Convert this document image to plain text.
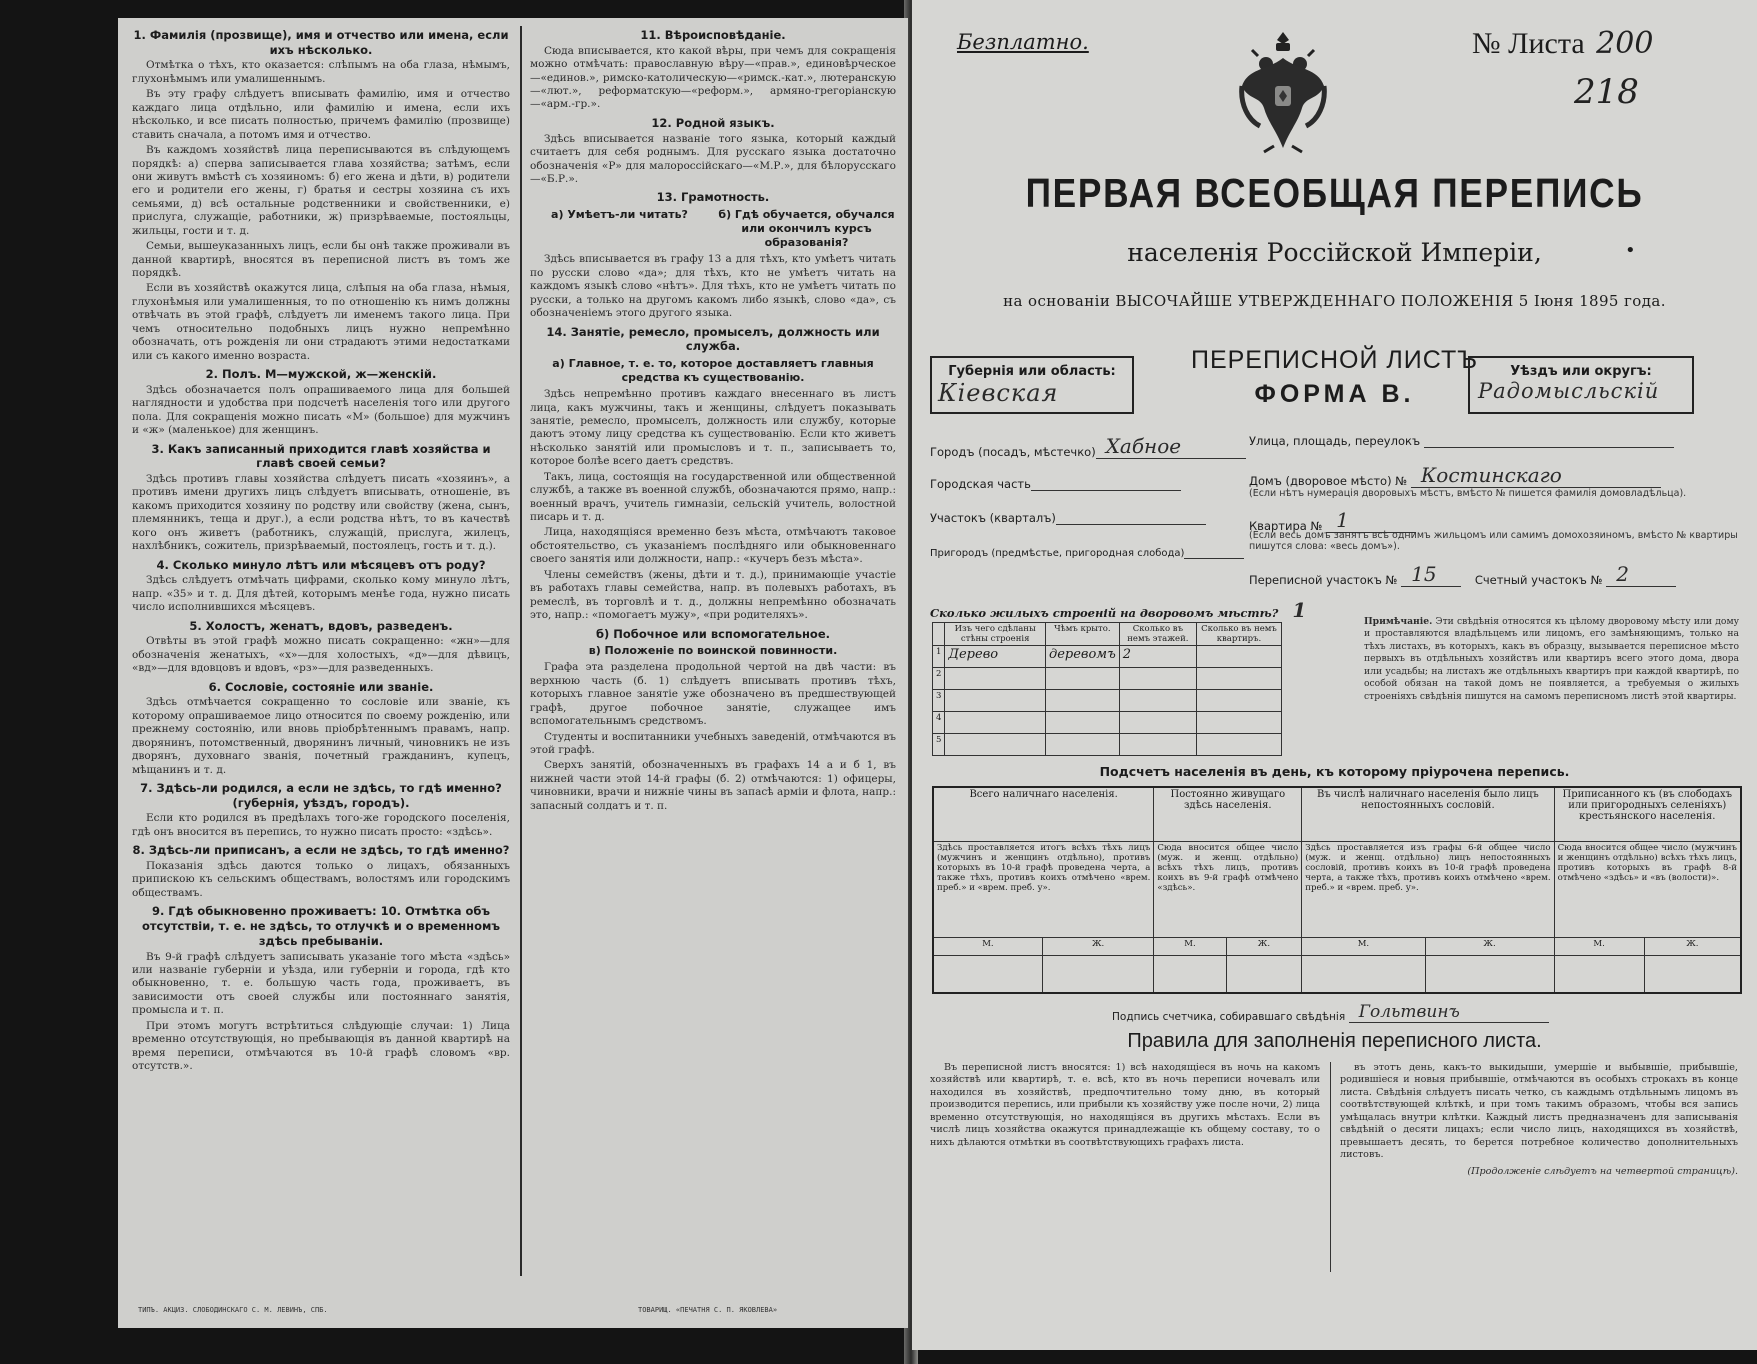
1. Фамилія (прозвище), имя и отчество или имена, если ихъ нѣсколько.

Отмѣтка о тѣхъ, кто оказается: слѣпымъ на оба глаза, нѣмымъ, глухонѣмымъ или умалишеннымъ.

Въ эту графу слѣдуетъ вписывать фамилію, имя и отчество каждаго лица отдѣльно, или фамилію и имена, если ихъ нѣсколько, и все писать полностью, причемъ фамилію (прозвище) ставить сначала, а потомъ имя и отчество.

Въ каждомъ хозяйствѣ лица переписываются въ слѣдующемъ порядкѣ: а) сперва записывается глава хозяйства; затѣмъ, если они живутъ вмѣстѣ съ хозяиномъ: б) его жена и дѣти, в) родители его и родители его жены, г) братья и сестры хозяина съ ихъ семьями, д) всѣ остальные родственники и свойственники, е) прислуга, служащіе, работники, ж) призрѣваемые, постояльцы, жильцы, гости и т. д.

Семьи, вышеуказанныхъ лицъ, если бы онѣ также проживали въ данной квартирѣ, вносятся въ переписной листъ въ томъ же порядкѣ.

Если въ хозяйствѣ окажутся лица, слѣпыя на оба глаза, нѣмыя, глухонѣмыя или умалишенныя, то по отношенію къ нимъ должны отвѣчать въ этой графѣ, слѣдуетъ ли именемъ такого лица. При чемъ относительно подобныхъ лицъ нужно непремѣнно обозначать, отъ рожденія ли они страдаютъ этими недостатками или съ какого именно возраста.

2. Полъ. М—мужской, ж—женскій.

Здѣсь обозначается полъ опрашиваемого лица для большей наглядности и удобства при подсчетѣ населенія того или другого пола. Для сокращенія можно писать «М» (большое) для мужчинъ и «ж» (маленькое) для женщинъ.

3. Какъ записанный приходится главѣ хозяйства и главѣ своей семьи?

Здѣсь противъ главы хозяйства слѣдуетъ писать «хозяинъ», а противъ имени другихъ лицъ слѣдуетъ вписывать, отношеніе, въ какомъ приходится хозяину по родству или свойству (жена, сынъ, племянникъ, теща и друг.), а если родства нѣтъ, то въ качествѣ кого онъ живетъ (работникъ, служащій, прислуга, жилецъ, нахлѣбникъ, сожитель, призрѣваемый, постоялецъ, гость и т. д.).

4. Сколько минуло лѣтъ или мѣсяцевъ отъ роду?

Здѣсь слѣдуетъ отмѣчать цифрами, сколько кому минуло лѣтъ, напр. «35» и т. д. Для дѣтей, которымъ менѣе года, нужно писать число исполнившихся мѣсяцевъ.

5. Холостъ, женатъ, вдовъ, разведенъ.

Отвѣты въ этой графѣ можно писать сокращенно: «жн»—для обозначенія женатыхъ, «х»—для холостыхъ, «д»—для дѣвицъ, «вд»—для вдовцовъ и вдовъ, «рз»—для разведенныхъ.

6. Сословіе, состояніе или званіе.

Здѣсь отмѣчается сокращенно то сословіе или званіе, къ которому опрашиваемое лицо относится по своему рожденію, или прежнему состоянію, или вновь пріобрѣтеннымъ правамъ, напр. дворянинъ, потомственный, дворянинъ личный, чиновникъ не изъ дворянъ, духовнаго званія, почетный гражданинъ, купецъ, мѣщанинъ и т. д.

7. Здѣсь-ли родился, а если не здѣсь, то гдѣ именно? (губернія, уѣздъ, городъ).

Если кто родился въ предѣлахъ того-же городского поселенія, гдѣ онъ вносится въ перепись, то нужно писать просто: «здѣсь».

8. Здѣсь-ли приписанъ, а если не здѣсь, то гдѣ именно?

Показанія здѣсь даются только о лицахъ, обязанныхъ припискою къ сельскимъ обществамъ, волостямъ или городскимъ обществамъ.

9. Гдѣ обыкновенно проживаетъ: 10. Отмѣтка объ отсутствіи, т. е. не здѣсь, то отлучкѣ и о временномъ здѣсь пребываніи.

Въ 9-й графѣ слѣдуетъ записывать указаніе того мѣста «здѣсь» или названіе губерніи и уѣзда, или губерніи и города, гдѣ кто обыкновенно, т. е. большую часть года, проживаетъ, въ зависимости отъ своей службы или постояннаго занятія, промысла и т. п.

При этомъ могутъ встрѣтиться слѣдующіе случаи: 1) Лица временно отсутствующія, но пребывающія въ данной квартирѣ на время переписи, отмѣчаются въ 10-й графѣ словомъ «вр. отсутств.».

11. Вѣроисповѣданіе.

Сюда вписывается, кто какой вѣры, при чемъ для сокращенія можно отмѣчать: православную вѣру—«прав.», единовѣрческое—«единов.», римско-католическую—«римск.-кат.», лютеранскую—«лют.», реформатскую—«реформ.», армяно-грегоріанскую—«арм.-гр.».

12. Родной языкъ.

Здѣсь вписывается названіе того языка, который каждый считаетъ для себя роднымъ. Для русскаго языка достаточно обозначенія «Р» для малороссійскаго—«М.Р.», для бѣлорусскаго—«Б.Р.».

13. Грамотность.
а) Умѣетъ-ли читать?	б) Гдѣ обучается, обучался или окончилъ курсъ образованія?

Здѣсь вписывается въ графу 13 а для тѣхъ, кто умѣетъ читать по русски слово «да»; для тѣхъ, кто не умѣетъ читать на каждомъ языкѣ слово «нѣтъ». Для тѣхъ, кто не умѣетъ читать по русски, а только на другомъ какомъ либо языкѣ, слово «да», съ обозначеніемъ этого другого языка.

14. Занятіе, ремесло, промыселъ, должность или служба.
а) Главное, т. е. то, которое доставляетъ главныя средства къ существованію.

Здѣсь непремѣнно противъ каждаго внесеннаго въ листъ лица, какъ мужчины, такъ и женщины, слѣдуетъ показывать занятіе, ремесло, промыселъ, должность или службу, которые даютъ этому лицу средства къ существованію. Если кто живетъ нѣсколько занятій или промысловъ и т. п., записываетъ то, которое болѣе всего даетъ средствъ.

Такъ, лица, состоящія на государственной или общественной службѣ, а также въ военной службѣ, обозначаются прямо, напр.: военный врачъ, учитель гимназіи, сельскій учитель, волостной писарь и т. д.

Лица, находящіяся временно безъ мѣста, отмѣчаютъ таковое обстоятельство, съ указаніемъ послѣдняго или обыкновеннаго своего занятія или должности, напр.: «кучеръ безъ мѣста».

Члены семействъ (жены, дѣти и т. д.), принимающіе участіе въ работахъ главы семейства, напр. въ полевыхъ работахъ, въ ремеслѣ, въ торговлѣ и т. д., должны непремѣнно обозначать это, напр.: «помогаетъ мужу», «при родителяхъ».

б) Побочное или вспомогательное.
в) Положеніе по воинской повинности.

Графа эта разделена продольной чертой на двѣ части: въ верхнюю часть (б. 1) слѣдуетъ вписывать противъ тѣхъ, которыхъ главное занятіе уже обозначено въ предшествующей графѣ, другое побочное занятіе, служащее имъ вспомогательнымъ средствомъ.

Студенты и воспитанники учебныхъ заведеній, отмѣчаются въ этой графѣ.

Сверхъ занятій, обозначенныхъ въ графахъ 14 а и б 1, въ нижней части этой 14-й графы (б. 2) отмѣчаются: 1) офицеры, чиновники, врачи и нижніе чины въ запасѣ арміи и флота, напр.: запасный солдатъ и т. п.

ТИПЪ. АКЦИЗ. СЛОБОДИНСКАГО С. М. ЛЕВИНЪ, СПБ.	ТОВАРИЩ. «ПЕЧАТНЯ С. П. ЯКОВЛЕВА»
Безплатно.	№ Листа 200
218
ПЕРВАЯ ВСЕОБЩАЯ ПЕРЕПИСЬ
населенія Россійской Имперіи,	•
на основаніи ВЫСОЧАЙШЕ УТВЕРЖДЕННАГО ПОЛОЖЕНІЯ 5 Іюня 1895 года.
Губернія или область:
Кіевская
ПЕРЕПИСНОЙ ЛИСТЪ
ФОРМА В.
Уѣздъ или округъ:
Радомысльскій
Городъ (посадъ, мѣстечко) Хабное
Городская часть
Участокъ (кварталъ)
Пригородъ (предмѣстье, пригородная слобода)
Улица, площадь, переулокъ
Домъ (дворовое мѣсто) № Костинскаго
(Если нѣтъ нумерація дворовыхъ мѣстъ, вмѣсто № пишется фамилія домовладѣльца).
Квартира № 1
(Если весь домъ занятъ всѣ однимъ жильцомъ или самимъ домохозяиномъ, вмѣсто № квартиры пишутся слова: «весь домъ»).
Переписной участокъ № 15	Счетный участокъ № 2
Сколько жилыхъ строеній на дворовомъ мѣстѣ? 1
	Изъ чего сдѣланы стѣны строенія	Чѣмъ крыто.	Сколько въ немъ этажей.	Сколько въ немъ квартиръ.
1	Дерево	деревомъ	2	
2				
3				
4				
5				
Примѣчаніе. Эти свѣдѣнія относятся къ цѣлому дворовому мѣсту или дому и проставляются владѣльцемъ или лицомъ, его замѣняющимъ, только на тѣхъ листахъ, въ которыхъ, какъ въ образцу, вызывается переписное мѣсто первыхъ въ отдѣльныхъ хозяйствъ или квартиръ всего этого дома, двора или усадьбы; на листахъ же отдѣльныхъ квартиръ при каждой квартирѣ, по особой обязан на такой домъ не появляется, а требуемыя о жилыхъ строеніяхъ свѣдѣнія пишутся на самомъ переписномъ листѣ этой квартиры.
Подсчетъ населенія въ день, къ которому пріурочена перепись.
Всего наличнаго населенія.		Постоянно живущаго здѣсь населенія.		Въ числѣ наличнаго населенія было лицъ непостоянныхъ сословій.		Приписанного къ (въ слободахъ или пригородныхъ селеніяхъ) крестьянского населенія.	
Здѣсь проставляется итогъ всѣхъ тѣхъ лицъ (мужчинъ и женщинъ отдѣльно), противъ которыхъ въ 10-й графѣ проведена черта, а также тѣхъ, противъ коихъ отмѣчено «врем. преб.» и «врем. преб. у».		Сюда вносится общее число (муж. и женщ. отдѣльно) всѣхъ тѣхъ лицъ, противъ коихъ въ 9-й графѣ отмѣчено «здѣсь».		Здѣсь проставляется изъ графы 6-й общее число (муж. и женщ. отдѣльно) лицъ непостоянныхъ сословій, противъ коихъ въ 10-й графѣ проведена черта, а также тѣхъ, противъ коихъ отмѣчено «врем. преб.» и «врем. преб. у».		Сюда вносится общее число (мужчинъ и женщинъ отдѣльно) всѣхъ тѣхъ лицъ, противъ которыхъ въ графѣ 8-й отмѣчено «здѣсь» и «въ (волости)».	
М.	Ж.	М.	Ж.	М.	Ж.	М.	Ж.

Подпись счетчика, собиравшаго свѣдѣнія Гольтвинъ
Правила для заполненія переписного листа.

Въ переписной листъ вносятся: 1) всѣ находящіеся въ ночь на какомъ хозяйствѣ или квартирѣ, т. е. всѣ, кто въ ночь переписи ночевалъ или находился въ хозяйствѣ, предпочтительно тому дню, въ который производится перепись, или прибыли къ хозяйству уже после ночи, 2) лица временно отсутствующія, но находящіяся въ другихъ мѣстахъ. Если въ числѣ лицъ хозяйства окажутся принадлежащіе къ общему составу, то о нихъ дѣлаются отмѣтки въ соотвѣтствующихъ графахъ листа.

въ этотъ день, какъ-то выкидыши, умершіе и выбывшіе, прибывшіе, родившіеся и новыя прибывшіе, отмѣчаются въ особыхъ строкахъ въ конце листа. Свѣдѣнія слѣдуетъ писать четко, съ каждымъ отдѣльнымъ лицомъ въ соотвѣтствующей клѣткѣ, и при томъ такимъ образомъ, чтобы вся запись умѣщалась внутри клѣтки. Каждый листъ предназначенъ для записыванія свѣдѣній о десяти лицахъ; если число лицъ, находящихся въ хозяйствѣ, превышаетъ десять, то берется потребное количество дополнительныхъ листовъ.

(Продолженіе слѣдуетъ на четвертой страницѣ).
